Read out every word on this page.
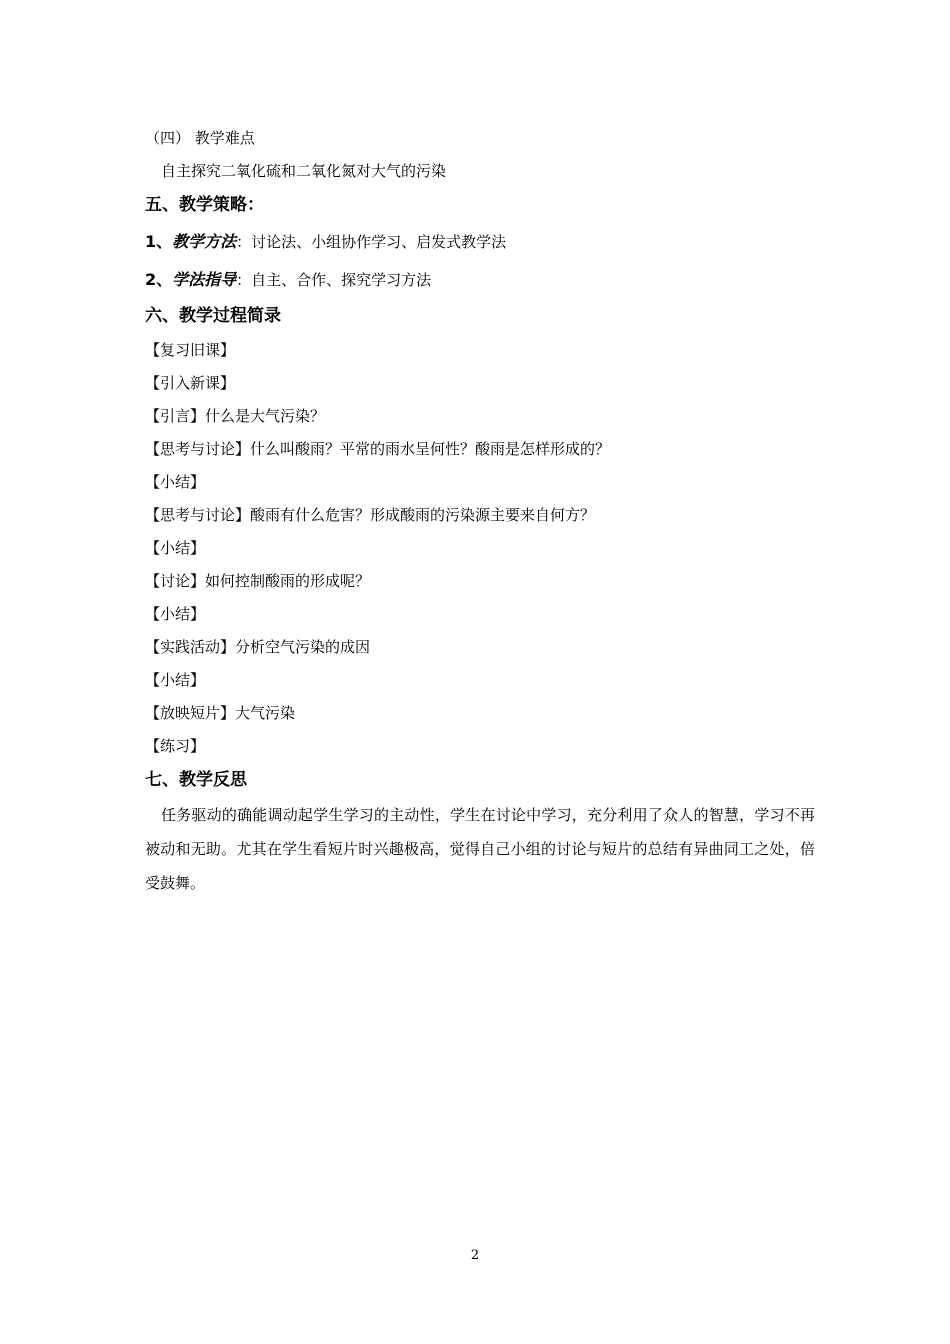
（四） 教学难点
自主探究二氧化硫和二氧化氮对大气的污染
五、教学策略：
1、教学方法：讨论法、小组协作学习、启发式教学法
2、学法指导：自主、合作、探究学习方法
六、教学过程简录
【复习旧课】
【引入新课】
【引言】什么是大气污染？
【思考与讨论】什么叫酸雨？平常的雨水呈何性？酸雨是怎样形成的？
【小结】
【思考与讨论】酸雨有什么危害？形成酸雨的污染源主要来自何方？
【小结】
【讨论】如何控制酸雨的形成呢？
【小结】
【实践活动】分析空气污染的成因
【小结】
【放映短片】大气污染
【练习】
七、教学反思

任务驱动的确能调动起学生学习的主动性，学生在讨论中学习，充分利用了众人的智慧，学习不再被动和无助。尤其在学生看短片时兴趣极高，觉得自己小组的讨论与短片的总结有异曲同工之处，倍受鼓舞。

2
